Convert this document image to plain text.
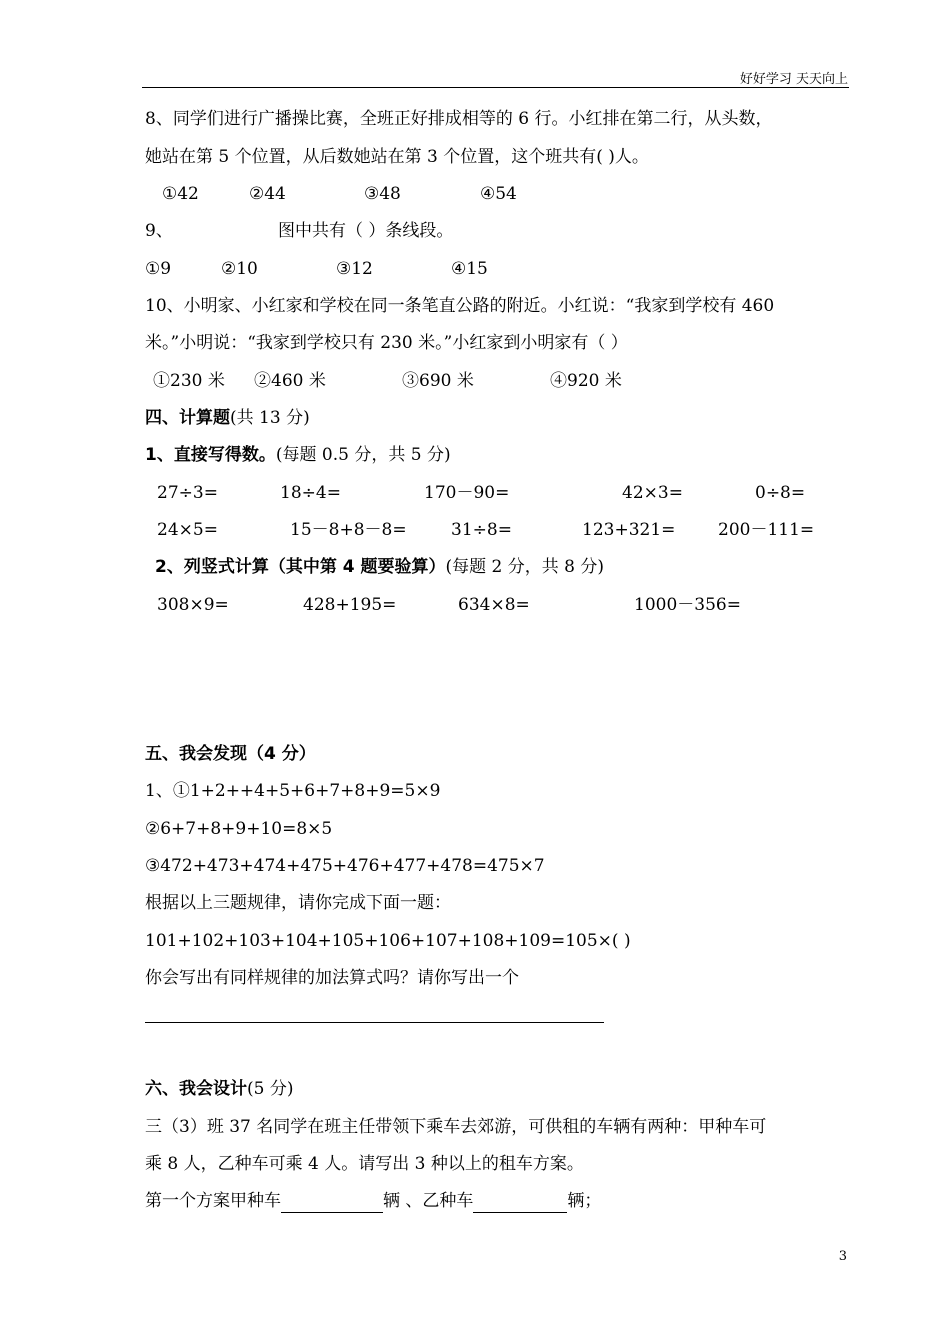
好好学习 天天向上
8、同学们进行广播操比赛，全班正好排成相等的 6 行。小红排在第二行，从头数，
她站在第 5 个位置，从后数她站在第 3 个位置，这个班共有( )人。
①42	②44	③48	④54
9、	图中共有（ ）条线段。
①9	②10	③12	④15
10、小明家、小红家和学校在同一条笔直公路的附近。小红说：“我家到学校有 460
米。”小明说：“我家到学校只有 230 米。”小红家到小明家有（ ）
①230 米 ②460 米	③690 米	④920 米
四、计算题(共 13 分)
1、直接写得数。(每题 0.5 分，共 5 分)
27÷3=	18÷4=	170－90=	42×3=	0÷8=
24×5=	15－8+8－8=	31÷8=	123+321=	200－111=
2、列竖式计算（其中第 4 题要验算）(每题 2 分，共 8 分)
308×9=	428+195=	634×8=	1000－356=
五、我会发现（4 分）
1、①1+2++4+5+6+7+8+9=5×9
②6+7+8+9+10=8×5
③472+473+474+475+476+477+478=475×7
根据以上三题规律，请你完成下面一题：
101+102+103+104+105+106+107+108+109=105×( )
你会写出有同样规律的加法算式吗？请你写出一个
六、我会设计(5 分)
三（3）班 37 名同学在班主任带领下乘车去郊游，可供租的车辆有两种：甲种车可
乘 8 人，乙种车可乘 4 人。请写出 3 种以上的租车方案。
第一个方案甲种车	辆 、乙种车	辆；
3
